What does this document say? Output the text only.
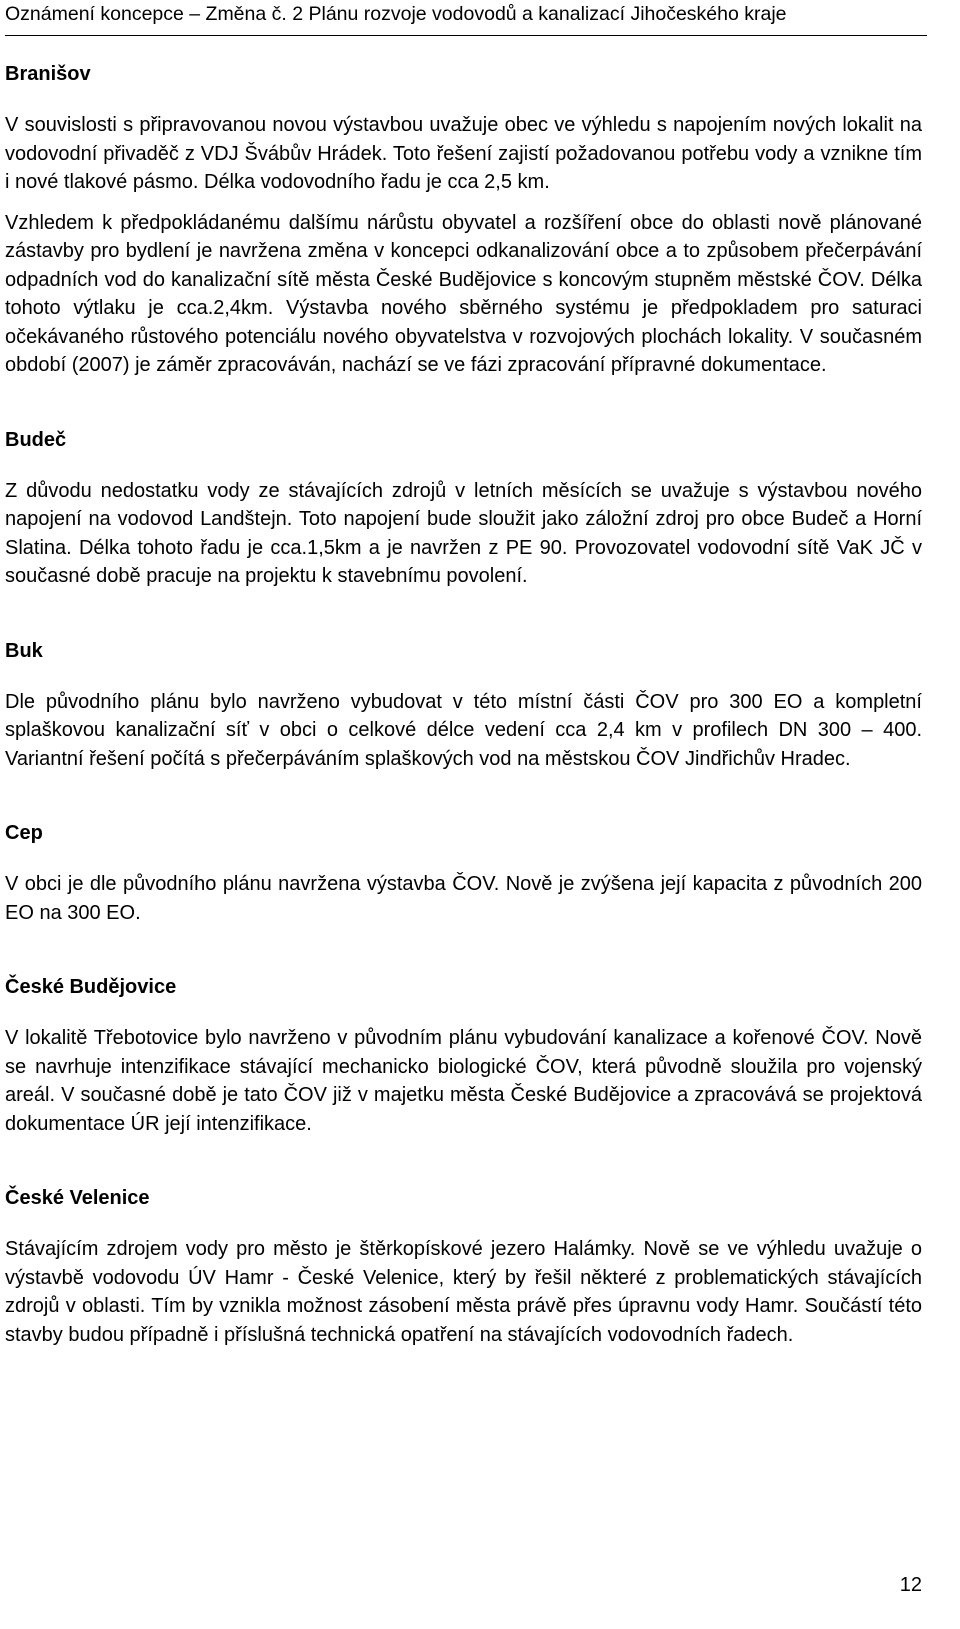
Oznámení koncepce – Změna č. 2 Plánu rozvoje vodovodů a kanalizací Jihočeského kraje

Branišov

V souvislosti s připravovanou novou výstavbou uvažuje obec ve výhledu s napojením nových lokalit na vodovodní přivaděč z VDJ Švábův Hrádek. Toto řešení zajistí požadovanou potřebu vody a vznikne tím i nové tlakové pásmo. Délka vodovodního řadu je cca 2,5 km.

Vzhledem k předpokládanému dalšímu nárůstu obyvatel a rozšíření obce do oblasti nově plánované zástavby pro bydlení je navržena změna v koncepci odkanalizování obce a to způsobem přečerpávání odpadních vod do kanalizační sítě města České Budějovice s koncovým stupněm městské ČOV. Délka tohoto výtlaku je cca.2,4km. Výstavba nového sběrného systému je předpokladem pro saturaci očekávaného růstového potenciálu nového obyvatelstva v rozvojových plochách lokality. V současném období (2007) je záměr zpracováván, nachází se ve fázi zpracování přípravné dokumentace.

Budeč

Z důvodu nedostatku vody ze stávajících zdrojů v letních měsících se uvažuje s výstavbou nového napojení na vodovod Landštejn. Toto napojení bude sloužit jako záložní zdroj pro obce Budeč a Horní Slatina. Délka tohoto řadu je cca.1,5km a je navržen z PE 90. Provozovatel vodovodní sítě VaK JČ v současné době pracuje na projektu k stavebnímu povolení.

Buk

Dle původního plánu bylo navrženo vybudovat v této místní části ČOV pro 300 EO a kompletní splaškovou kanalizační síť v obci o celkové délce vedení cca 2,4 km v profilech DN 300 – 400. Variantní řešení počítá s přečerpáváním splaškových vod na městskou ČOV Jindřichův Hradec.

Cep

V obci je dle původního plánu navržena výstavba ČOV. Nově je zvýšena její kapacita z původních 200 EO na 300 EO.

České Budějovice

V lokalitě Třebotovice bylo navrženo v původním plánu vybudování kanalizace a kořenové ČOV. Nově se navrhuje intenzifikace stávající mechanicko biologické ČOV, která původně sloužila pro vojenský areál. V současné době je tato ČOV již v majetku města České Budějovice a zpracovává se projektová dokumentace ÚR její intenzifikace.

České Velenice

Stávajícím zdrojem vody pro město je štěrkopískové jezero Halámky. Nově se ve výhledu uvažuje o výstavbě vodovodu ÚV Hamr - České Velenice, který by řešil některé z problematických stávajících zdrojů v oblasti. Tím by vznikla možnost zásobení města právě přes úpravnu vody Hamr. Součástí této stavby budou případně i příslušná technická opatření na stávajících vodovodních řadech.

12
